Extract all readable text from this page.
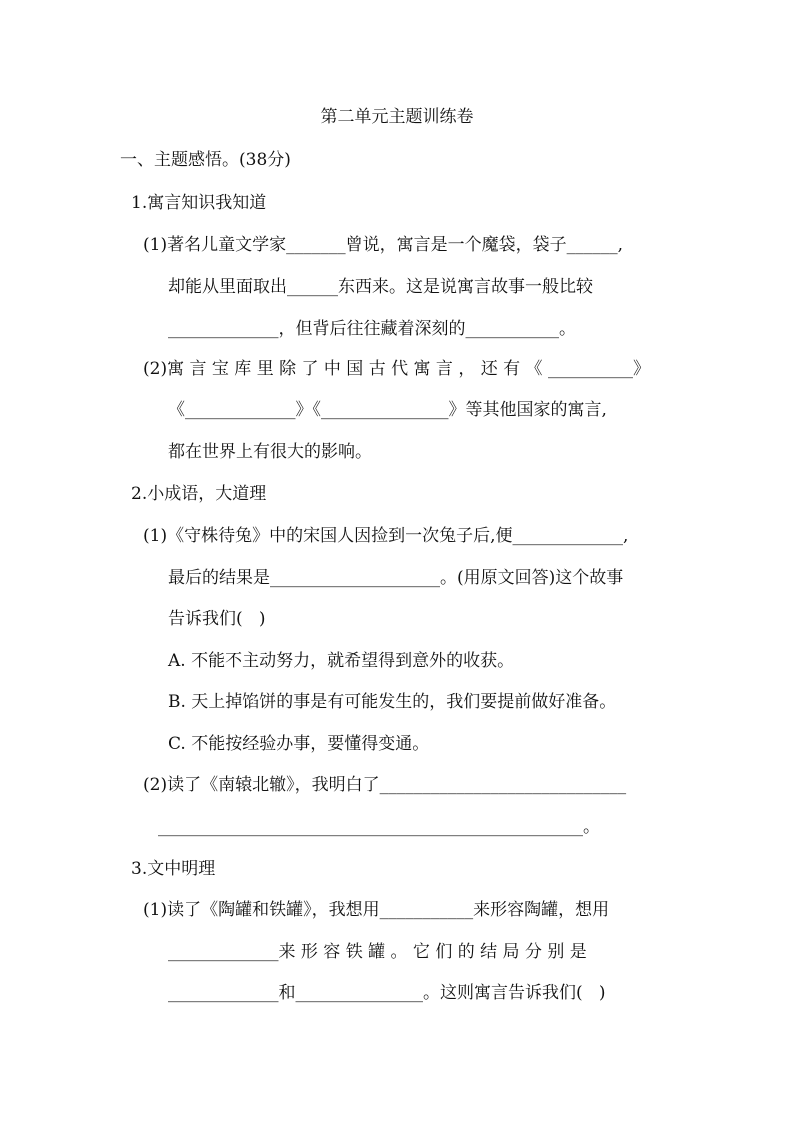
第二单元主题训练卷
一、主题感悟。(38分)
1.寓言知识我知道
(1)著名儿童文学家_______曾说，寓言是一个魔袋，袋子______,
却能从里面取出______东西来。这是说寓言故事一般比较
_____________，但背后往往藏着深刻的___________。
(2)寓 言 宝 库 里 除 了 中 国 古 代 寓 言 ， 还 有 《 __________》
《_____________》《_______________》等其他国家的寓言,
都在世界上有很大的影响。
2.小成语，大道理
(1)《守株待兔》中的宋国人因捡到一次兔子后,便_____________,
最后的结果是____________________。(用原文回答)这个故事
告诉我们(   )
A. 不能不主动努力，就希望得到意外的收获。
B. 天上掉馅饼的事是有可能发生的，我们要提前做好准备。
C. 不能按经验办事，要懂得变通。
(2)读了《南辕北辙》，我明白了_____________________________
__________________________________________________。
3.文中明理
(1)读了《陶罐和铁罐》，我想用___________来形容陶罐，想用
_____________来 形 容 铁 罐 。 它 们 的 结 局 分 别 是
_____________和_______________。这则寓言告诉我们(   )
